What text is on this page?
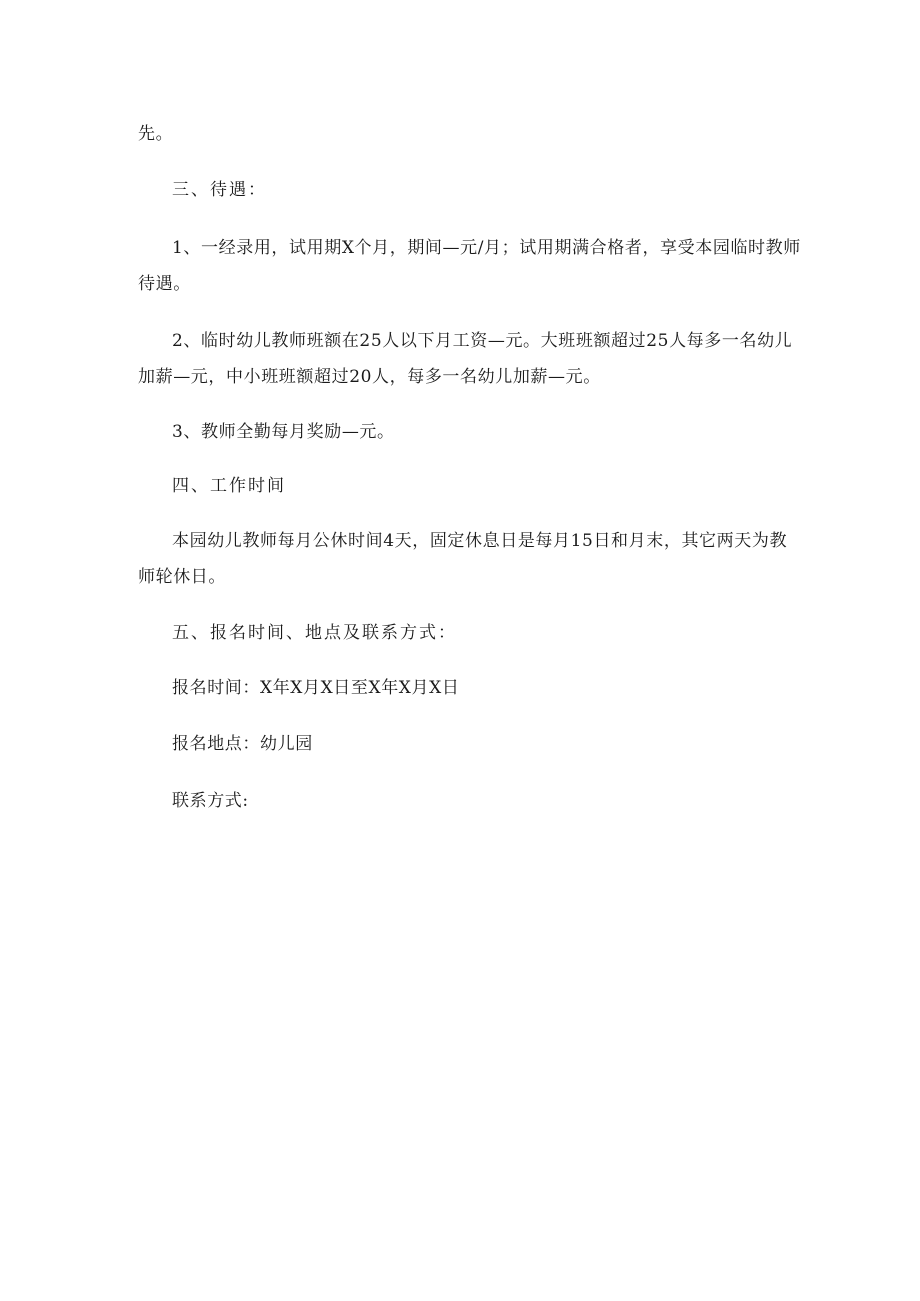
先。

三、待遇：

1、一经录用，试用期X个月，期间—元/月；试用期满合格者，享受本园临时教师

待遇。

2、临时幼儿教师班额在25人以下月工资—元。大班班额超过25人每多一名幼儿

加薪—元，中小班班额超过20人，每多一名幼儿加薪—元。

3、教师全勤每月奖励—元。

四、工作时间

本园幼儿教师每月公休时间4天，固定休息日是每月15日和月末，其它两天为教

师轮休日。

五、报名时间、地点及联系方式：

报名时间：X年X月X日至X年X月X日

报名地点：幼儿园

联系方式:
